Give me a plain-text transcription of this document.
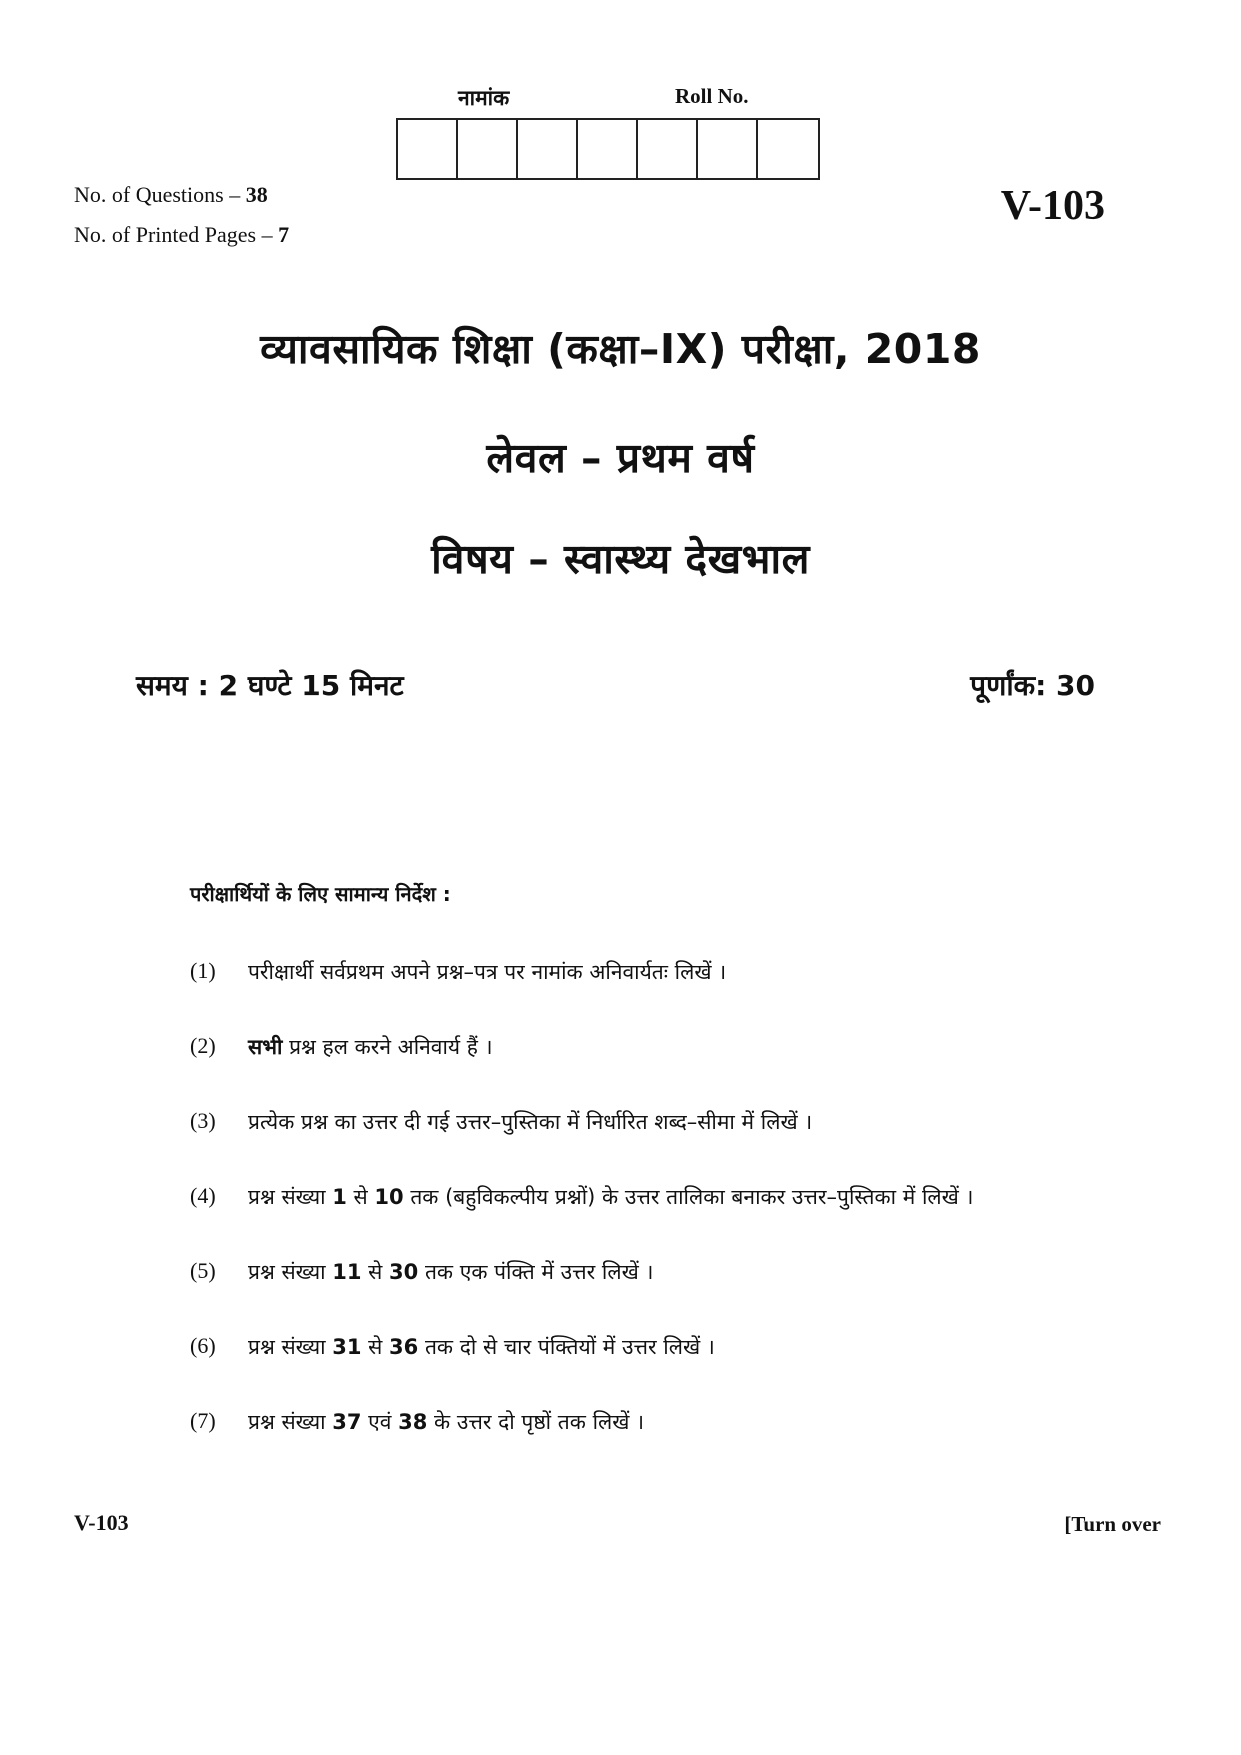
नामांक	Roll No.
No. of Questions – 38
No. of Printed Pages – 7
V-103
व्यावसायिक शिक्षा (कक्षा–IX) परीक्षा, 2018
लेवल – प्रथम वर्ष
विषय – स्वास्थ्य देखभाल
समय : 2 घण्टे 15 मिनट	पूर्णांक: 30
परीक्षार्थियों के लिए सामान्य निर्देश :
(1)	परीक्षार्थी सर्वप्रथम अपने प्रश्न–पत्र पर नामांक अनिवार्यतः लिखें ।
(2)	सभी प्रश्न हल करने अनिवार्य हैं ।
(3)	प्रत्येक प्रश्न का उत्तर दी गई उत्तर–पुस्तिका में निर्धारित शब्द–सीमा में लिखें ।
(4)	प्रश्न संख्या 1 से 10 तक (बहुविकल्पीय प्रश्नों) के उत्तर तालिका बनाकर उत्तर–पुस्तिका में लिखें ।
(5)	प्रश्न संख्या 11 से 30 तक एक पंक्ति में उत्तर लिखें ।
(6)	प्रश्न संख्या 31 से 36 तक दो से चार पंक्तियों में उत्तर लिखें ।
(7)	प्रश्न संख्या 37 एवं 38 के उत्तर दो पृष्ठों तक लिखें ।
V-103	[Turn over
